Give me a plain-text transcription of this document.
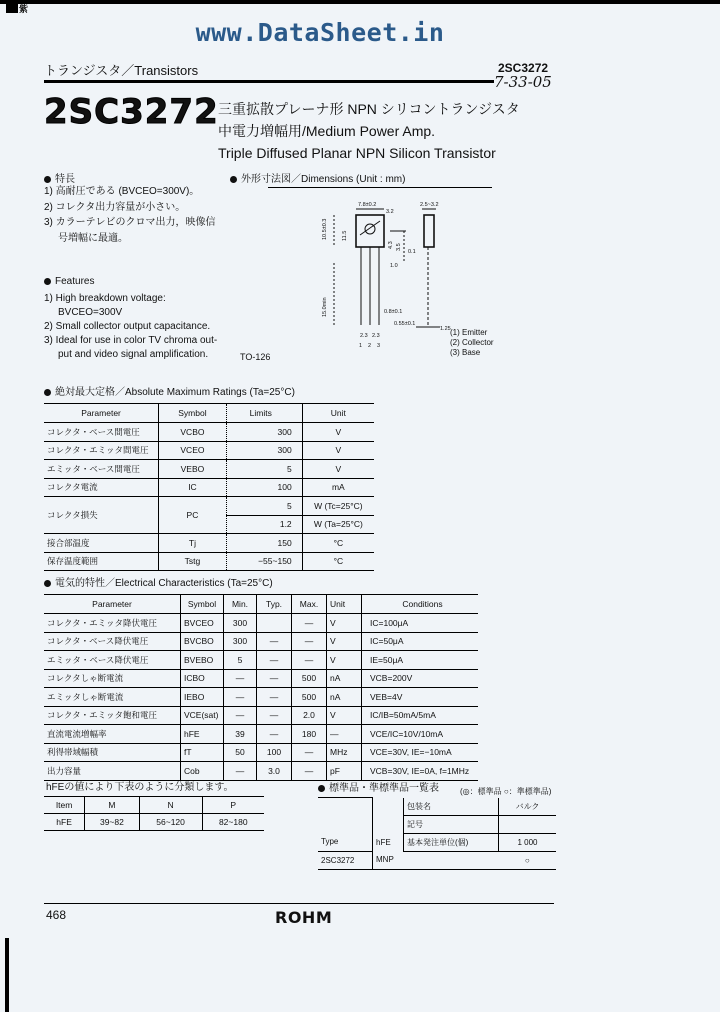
紫
www.DataSheet.in
トランジスタ／Transistors	2SC3272
7-33-05
2SC3272 三重拡散プレーナ形 NPN シリコントランジスタ
中電力増幅用/Medium Power Amp.
Triple Diffused Planar NPN Silicon Transistor
特長
1) 高耐圧である (BVCEO=300V)。
2) コレクタ出力容量が小さい。
3) カラーテレビのクロマ出力，映像信
号増幅に最適。
Features
1) High breakdown voltage:
BVCEO=300V
2) Small collector output capacitance.
3) Ideal for use in color TV chroma out-
put and video signal amplification.
外形寸法図／Dimensions (Unit : mm)
7.8±0.2
3.2
2.5~3.2
10.5±0.3	11.5
4.3 3.5
0.1
15.0min
1.0
0.8±0.1
0.55±0.1
1.25
2.3 2.3
1 2 3
TO-126
(1) Emitter
(2) Collector
(3) Base
絶対最大定格／Absolute Maximum Ratings (Ta=25°C)
Parameter	Symbol	Limits	Unit
コレクタ・ベース間電圧	VCBO	300	V
コレクタ・エミッタ間電圧	VCEO	300	V
エミッタ・ベース間電圧	VEBO	5	V
コレクタ電流	IC	100	mA
コレクタ損失	PC	5	W (Tc=25°C)
		1.2	W (Ta=25°C)
接合部温度	Tj	150	°C
保存温度範囲	Tstg	−55~150	°C
電気的特性／Electrical Characteristics (Ta=25°C)
Parameter	Symbol	Min.	Typ.	Max.	Unit	Conditions
コレクタ・エミッタ降伏電圧	BVCEO	300		—	V	IC=100μA
コレクタ・ベース降伏電圧	BVCBO	300	—	—	V	IC=50μA
エミッタ・ベース降伏電圧	BVEBO	5	—	—	V	IE=50μA
コレクタしゃ断電流	ICBO	—	—	500	nA	VCB=200V
エミッタしゃ断電流	IEBO	—	—	500	nA	VEB=4V
コレクタ・エミッタ飽和電圧	VCE(sat)	—	—	2.0	V	IC/IB=50mA/5mA
直流電流増幅率	hFE	39	—	180	—	VCE/IC=10V/10mA
利得帯域幅積	fT	50	100	—	MHz	VCE=30V, IE=−10mA
出力容量	Cob	—	3.0	—	pF	VCB=30V, IE=0A, f=1MHz
hFEの値により下表のように分類します。
Item	M	N	P
hFE	39~82	56~120	82~180
標準品・準標準品一覧表	(◎：標準品 ○：準標準品)
		包装名	バルク
		記号	
Type	hFE	基本発注単位(個)	1 000
2SC3272	MNP		○
468	ROHM
